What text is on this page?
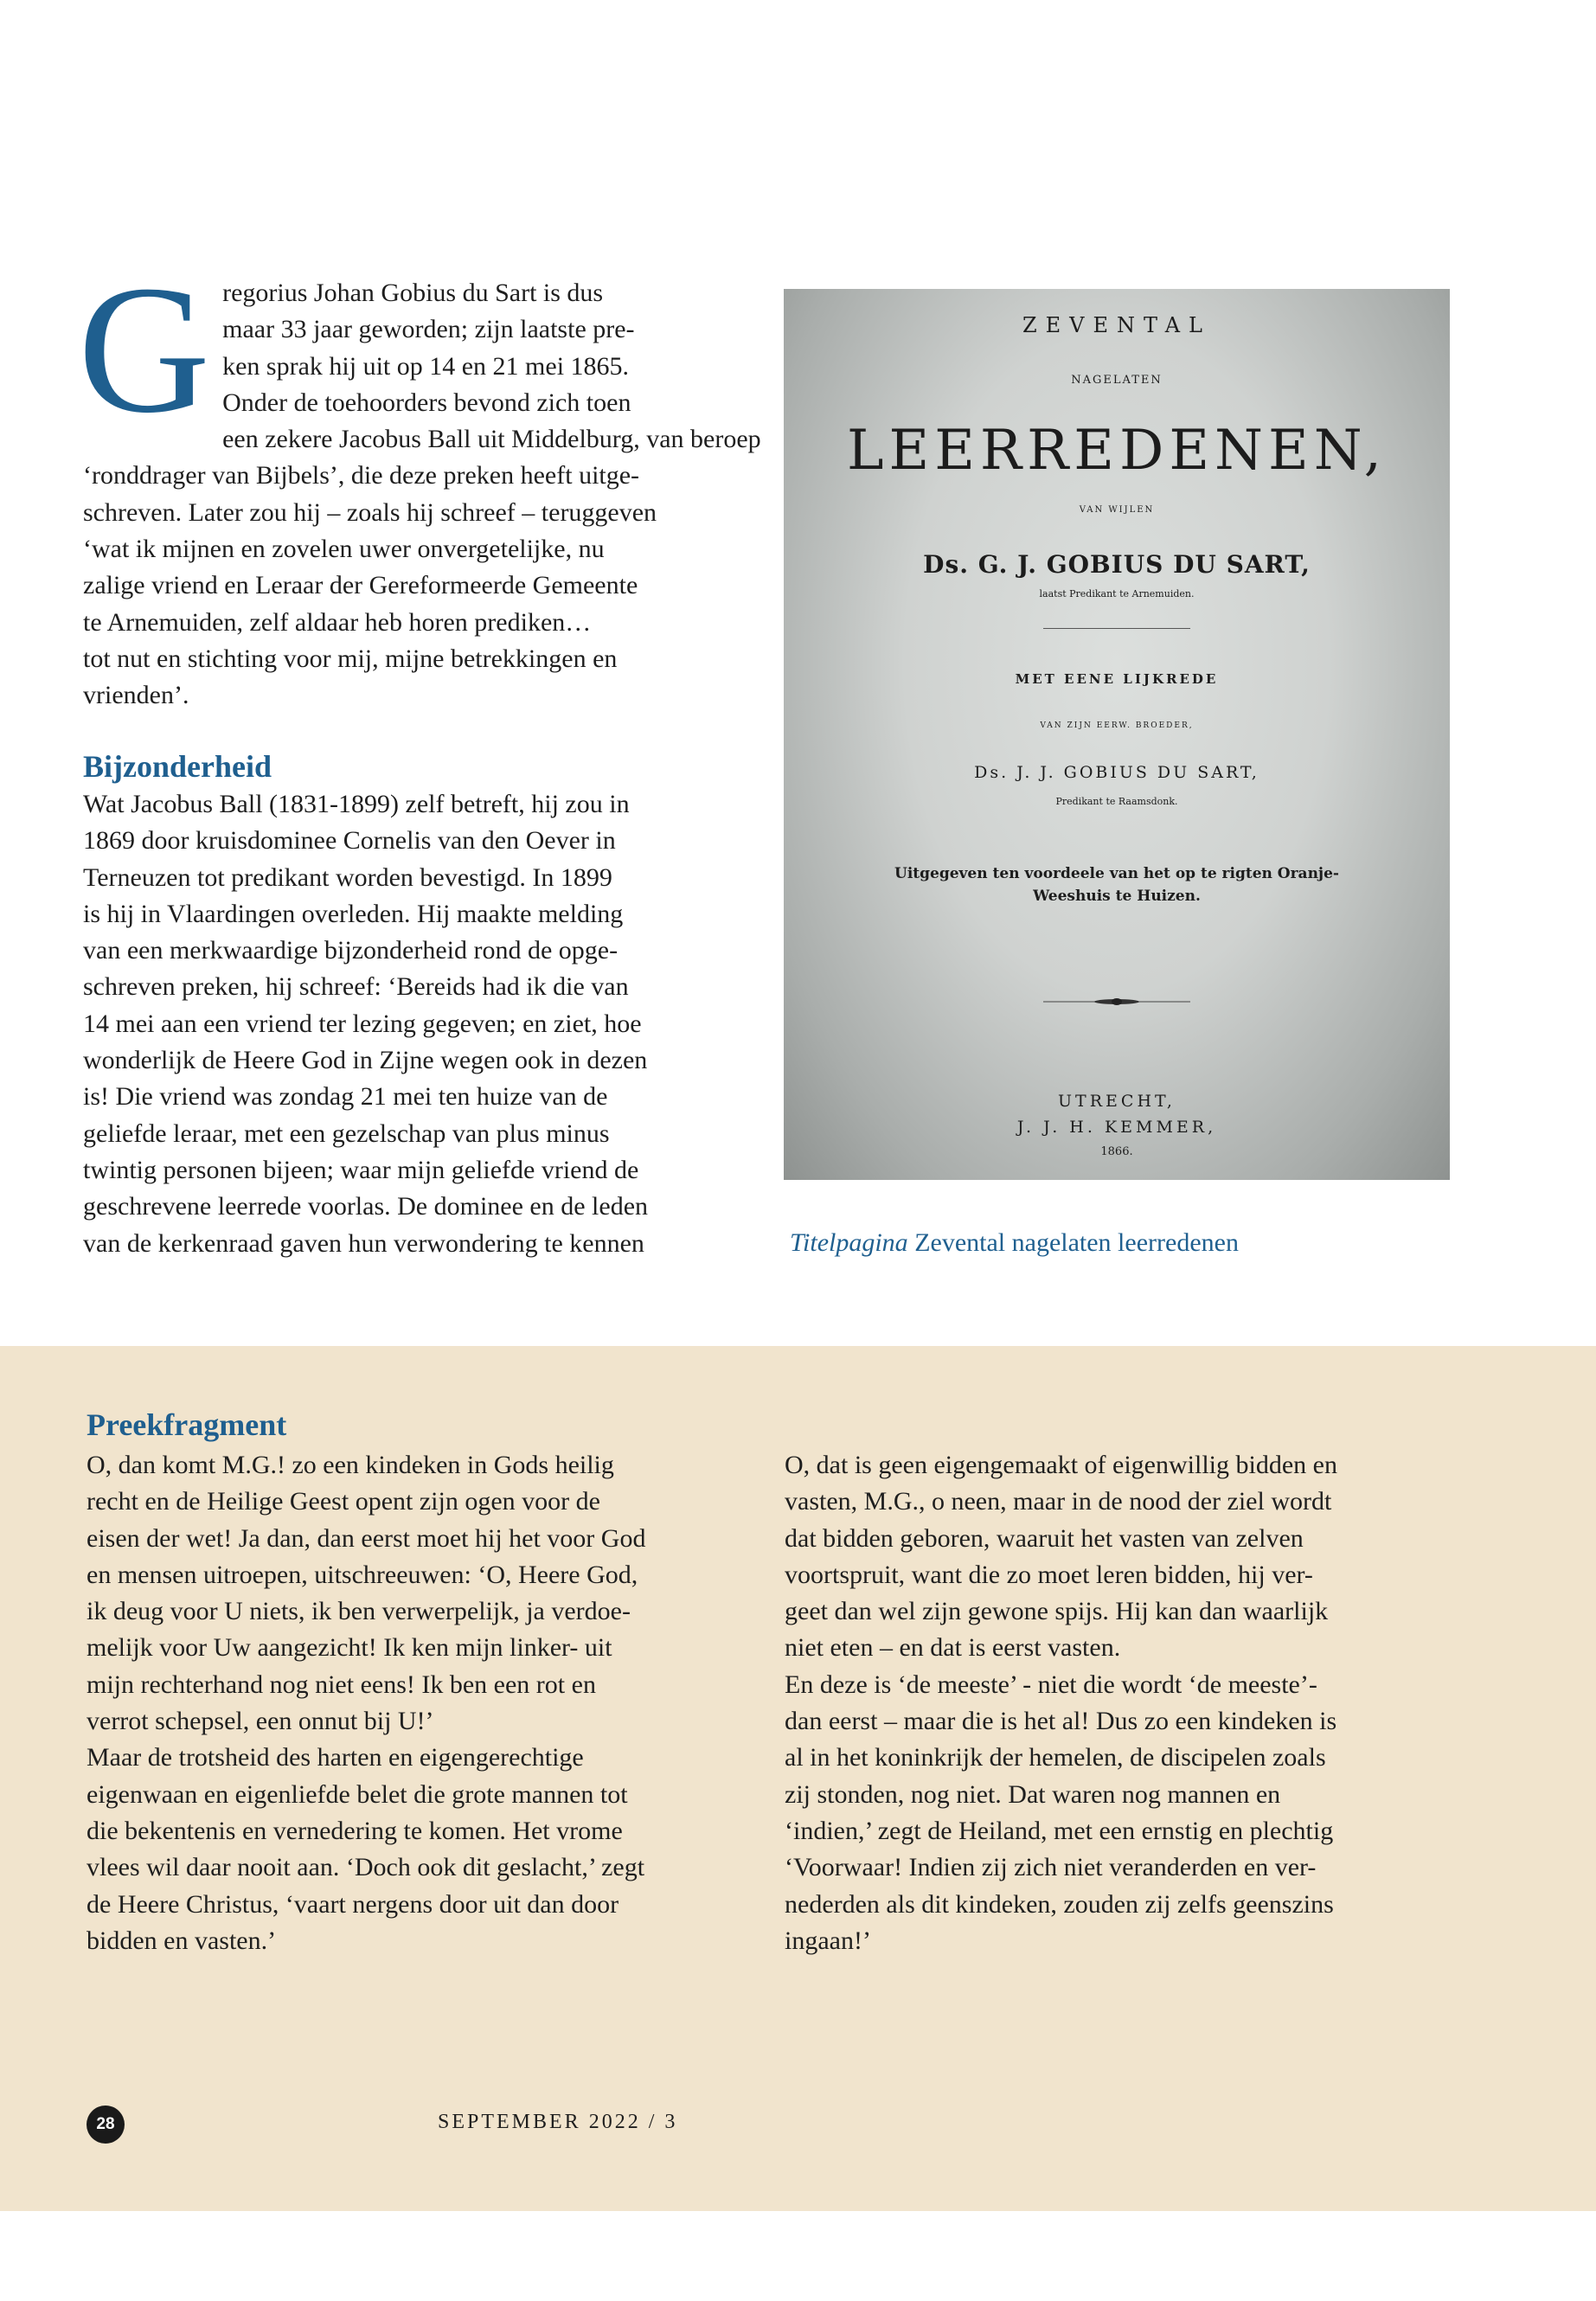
G regorius Johan Gobius du Sart is dus
maar 33 jaar geworden; zijn laatste pre-
ken sprak hij uit op 14 en 21 mei 1865.
Onder de toehoorders bevond zich toen
een zekere Jacobus Ball uit Middelburg, van beroep
‘ronddrager van Bijbels’, die deze preken heeft uitge-
schreven. Later zou hij – zoals hij schreef – teruggeven
‘wat ik mijnen en zovelen uwer onvergetelijke, nu
zalige vriend en Leraar der Gereformeerde Gemeente
te Arnemuiden, zelf aldaar heb horen prediken…
tot nut en stichting voor mij, mijne betrekkingen en
vrienden’.
Bijzonderheid
Wat Jacobus Ball (1831-1899) zelf betreft, hij zou in
1869 door kruisdominee Cornelis van den Oever in
Terneuzen tot predikant worden bevestigd. In 1899
is hij in Vlaardingen overleden. Hij maakte melding
van een merkwaardige bijzonderheid rond de opge-
schreven preken, hij schreef: ‘Bereids had ik die van
14 mei aan een vriend ter lezing gegeven; en ziet, hoe
wonderlijk de Heere God in Zijne wegen ook in dezen
is! Die vriend was zondag 21 mei ten huize van de
geliefde leraar, met een gezelschap van plus minus
twintig personen bijeen; waar mijn geliefde vriend de
geschrevene leerrede voorlas. De dominee en de leden
van de kerkenraad gaven hun verwondering te kennen
ZEVENTAL
NAGELATEN
LEERREDENEN,
VAN WIJLEN
Ds. G. J. GOBIUS DU SART,
laatst Predikant te Arnemuiden.
MET EENE LIJKREDE
VAN ZIJN EERW. BROEDER,
Ds. J. J. GOBIUS DU SART,
Predikant te Raamsdonk.
Uitgegeven ten voordeele van het op te rigten Oranje-
Weeshuis te Huizen.
UTRECHT,
J. J. H. KEMMER,
1866.
Titelpagina Zevental nagelaten leerredenen
Preekfragment
O, dan komt M.G.! zo een kindeken in Gods heilig
recht en de Heilige Geest opent zijn ogen voor de
eisen der wet! Ja dan, dan eerst moet hij het voor God
en mensen uitroepen, uitschreeuwen: ‘O, Heere God,
ik deug voor U niets, ik ben verwerpelijk, ja verdoe-
melijk voor Uw aangezicht! Ik ken mijn linker- uit
mijn rechterhand nog niet eens! Ik ben een rot en
verrot schepsel, een onnut bij U!’
Maar de trotsheid des harten en eigengerechtige
eigenwaan en eigenliefde belet die grote mannen tot
die bekentenis en vernedering te komen. Het vrome
vlees wil daar nooit aan. ‘Doch ook dit geslacht,’ zegt
de Heere Christus, ‘vaart nergens door uit dan door
bidden en vasten.’
O, dat is geen eigengemaakt of eigenwillig bidden en
vasten, M.G., o neen, maar in de nood der ziel wordt
dat bidden geboren, waaruit het vasten van zelven
voortspruit, want die zo moet leren bidden, hij ver-
geet dan wel zijn gewone spijs. Hij kan dan waarlijk
niet eten – en dat is eerst vasten.
En deze is ‘de meeste’ - niet die wordt ‘de meeste’-
dan eerst – maar die is het al! Dus zo een kindeken is
al in het koninkrijk der hemelen, de discipelen zoals
zij stonden, nog niet. Dat waren nog mannen en
‘indien,’ zegt de Heiland, met een ernstig en plechtig
‘Voorwaar! Indien zij zich niet veranderden en ver-
nederden als dit kindeken, zouden zij zelfs geenszins
ingaan!’
28	SEPTEMBER 2022 / 3
